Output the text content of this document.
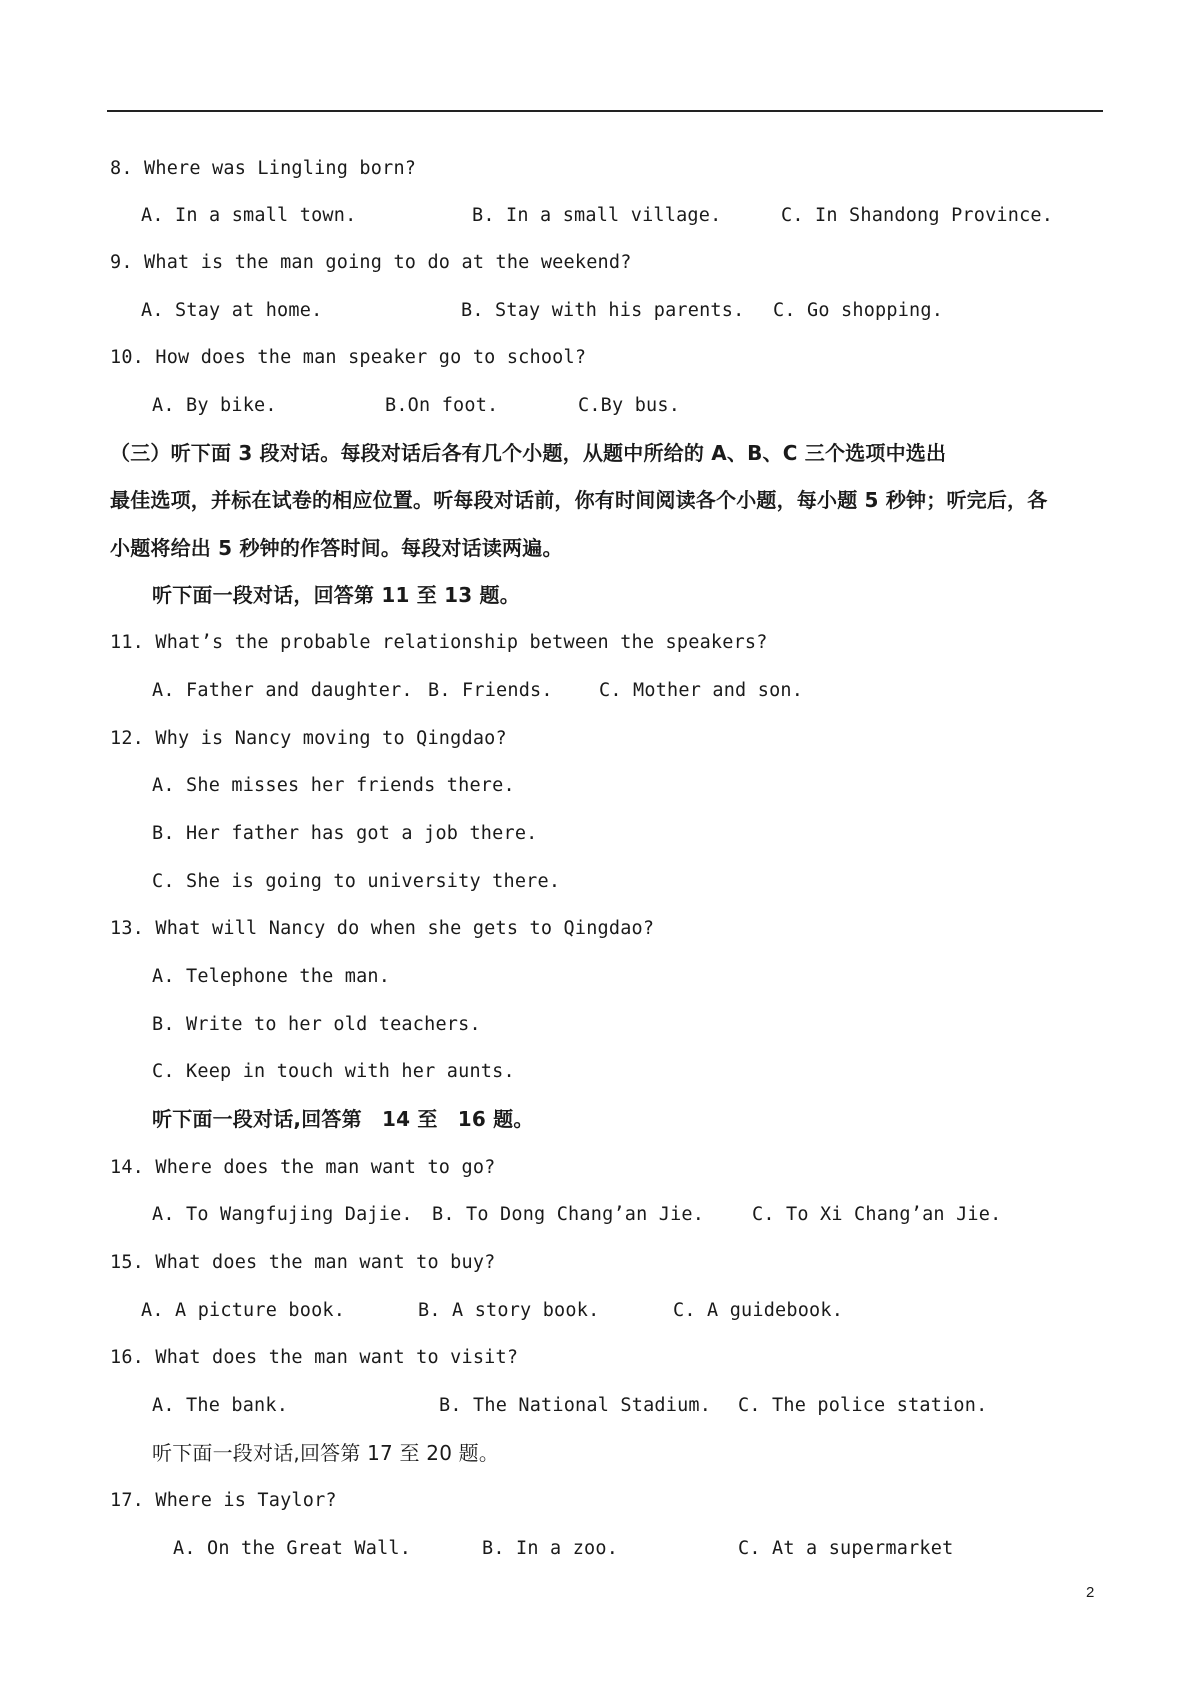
8. Where was Lingling born?
A. In a small town.	B. In a small village.	C. In Shandong Province.
9. What is the man going to do at the weekend?
A. Stay at home.	B. Stay with his parents. C. Go shopping.
10. How does the man speaker go to school?
A. By bike.	B.On foot.	C.By bus.
（三）听下面 3 段对话。每段对话后各有几个小题，从题中所给的 A、B、C 三个选项中选出
最佳选项，并标在试卷的相应位置。听每段对话前，你有时间阅读各个小题，每小题 5 秒钟；听完后，各
小题将给出 5 秒钟的作答时间。每段对话读两遍。
听下面一段对话，回答第 11 至 13 题。
11. What’s the probable relationship between the speakers?
A. Father and daughter. B. Friends.	C. Mother and son.
12. Why is Nancy moving to Qingdao?
A. She misses her friends there.
B. Her father has got a job there.
C. She is going to university there.
13. What will Nancy do when she gets to Qingdao?
A. Telephone the man.
B. Write to her old teachers.
C. Keep in touch with her aunts.
听下面一段对话,回答第　14 至　16 题。
14. Where does the man want to go?
A. To Wangfujing Dajie. B. To Dong Chang’an Jie.	C. To Xi Chang’an Jie.
15. What does the man want to buy?
A. A picture book.	B. A story book.	C. A guidebook.
16. What does the man want to visit?
A. The bank.	B. The National Stadium. C. The police station.
听下面一段对话,回答第 17 至 20 题。
17. Where is Taylor?
A. On the Great Wall.	B. In a zoo.	C. At a supermarket
2
